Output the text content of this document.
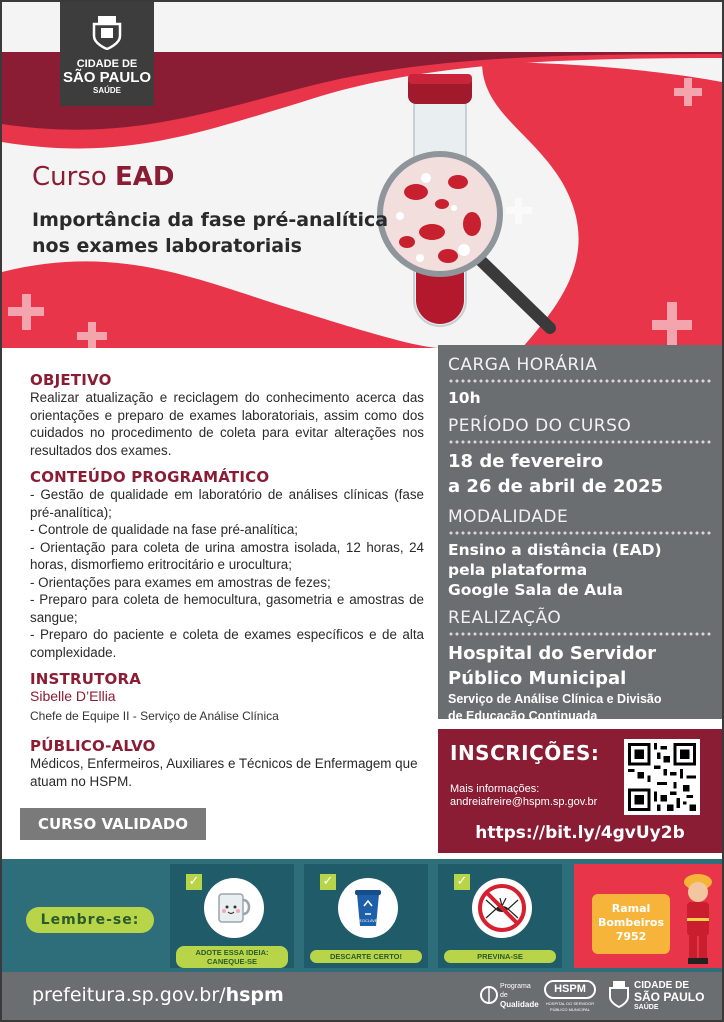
CIDADE DE
SÃO PAULO
SAÚDE
Curso EAD
Importância da fase pré-analítica
nos exames laboratoriais
OBJETIVO
Realizar atualização e reciclagem do conhecimento acerca das orientações e preparo de exames laboratoriais, assim como dos cuidados no procedimento de coleta para evitar alterações nos resultados dos exames.
CONTEÚDO PROGRAMÁTICO
- Gestão de qualidade em laboratório de análises clínicas (fase pré-analítica);
- Controle de qualidade na fase pré-analítica;
- Orientação para coleta de urina amostra isolada, 12 horas, 24 horas, dismorfiemo eritrocitário e urocultura;
- Orientações para exames em amostras de fezes;
- Preparo para coleta de hemocultura, gasometria e amostras de sangue;
- Preparo do paciente e coleta de exames específicos e de alta complexidade.
INSTRUTORA
Sibelle D’Ellia
Chefe de Equipe II - Serviço de Análise Clínica
PÚBLICO-ALVO
Médicos, Enfermeiros, Auxiliares e Técnicos de Enfermagem que atuam no HSPM.
CURSO VALIDADO
CARGA HORÁRIA
10h
PERÍODO DO CURSO
18 de fevereiro
a 26 de abril de 2025
MODALIDADE
Ensino a distância (EAD)
pela plataforma
Google Sala de Aula
REALIZAÇÃO
Hospital do Servidor
Público Municipal
Serviço de Análise Clínica e Divisão
de Educação Continuada
INSCRIÇÕES:
Mais informações:
andreiafreire@hspm.sp.gov.br
https://bit.ly/4gvUy2b
Lembre-se:
✓
ADOTE ESSA IDEIA:
CANEQUE-SE
✓
RECICLÁVEL
DESCARTE CERTO!
✓
PREVINA-SE
Ramal
Bombeiros
7952
prefeitura.sp.gov.br/hspm	Programa de
Qualidade
HSPM
HOSPITAL DO SERVIDOR PÚBLICO MUNICIPAL
CIDADE DE
SÃO PAULO
SAÚDE
